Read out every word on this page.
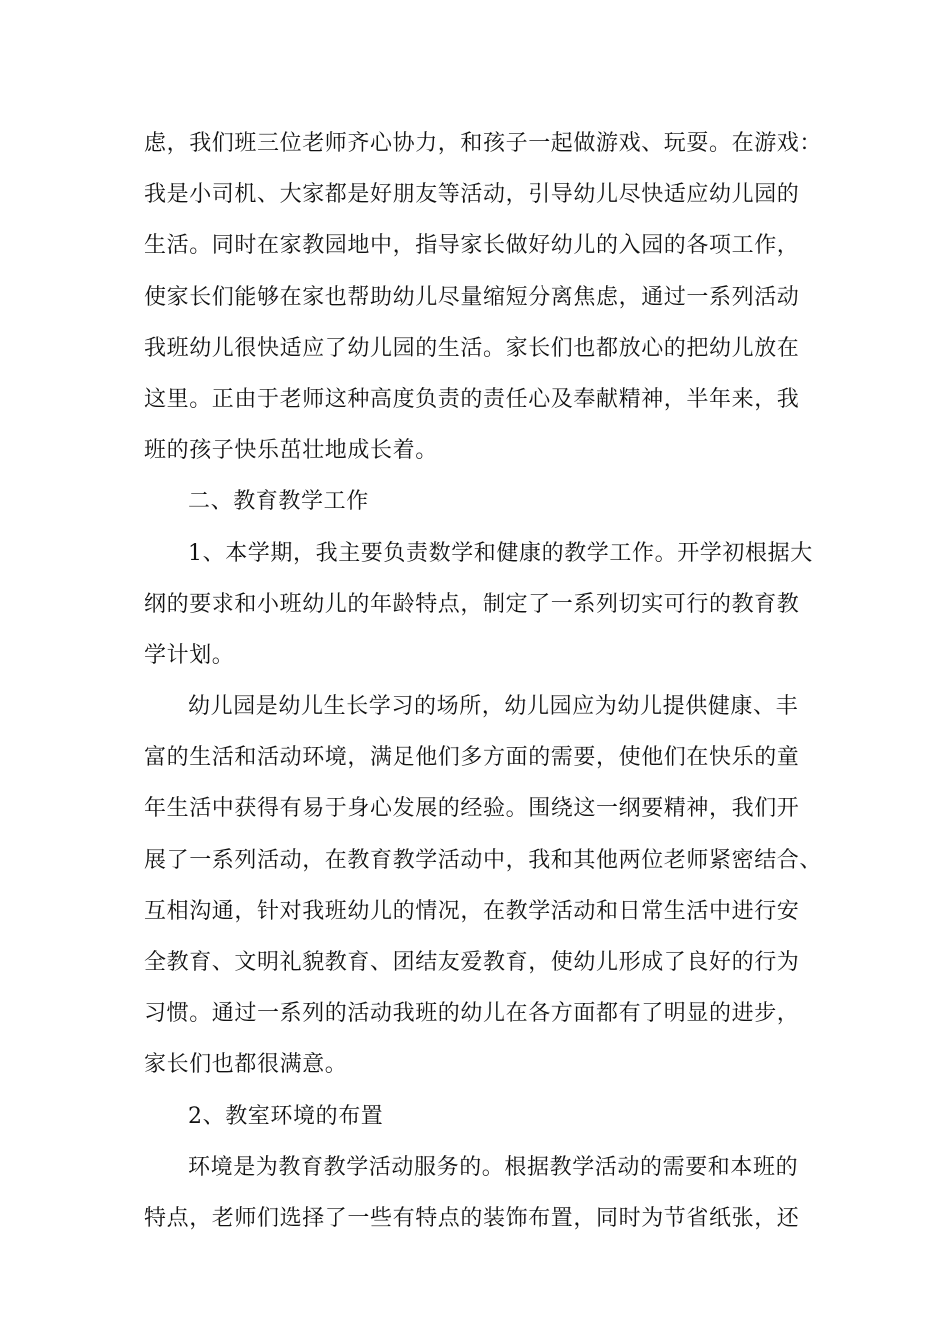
虑，我们班三位老师齐心协力，和孩子一起做游戏、玩耍。在游戏：
我是小司机、大家都是好朋友等活动，引导幼儿尽快适应幼儿园的
生活。同时在家教园地中，指导家长做好幼儿的入园的各项工作，
使家长们能够在家也帮助幼儿尽量缩短分离焦虑，通过一系列活动
我班幼儿很快适应了幼儿园的生活。家长们也都放心的把幼儿放在
这里。正由于老师这种高度负责的责任心及奉献精神，半年来，我
班的孩子快乐茁壮地成长着。
二、教育教学工作
1、本学期，我主要负责数学和健康的教学工作。开学初根据大
纲的要求和小班幼儿的年龄特点，制定了一系列切实可行的教育教
学计划。
幼儿园是幼儿生长学习的场所，幼儿园应为幼儿提供健康、丰
富的生活和活动环境，满足他们多方面的需要，使他们在快乐的童
年生活中获得有易于身心发展的经验。围绕这一纲要精神，我们开
展了一系列活动，在教育教学活动中，我和其他两位老师紧密结合、
互相沟通，针对我班幼儿的情况，在教学活动和日常生活中进行安
全教育、文明礼貌教育、团结友爱教育，使幼儿形成了良好的行为
习惯。通过一系列的活动我班的幼儿在各方面都有了明显的进步，
家长们也都很满意。
2、教室环境的布置
环境是为教育教学活动服务的。根据教学活动的需要和本班的
特点，老师们选择了一些有特点的装饰布置，同时为节省纸张，还
